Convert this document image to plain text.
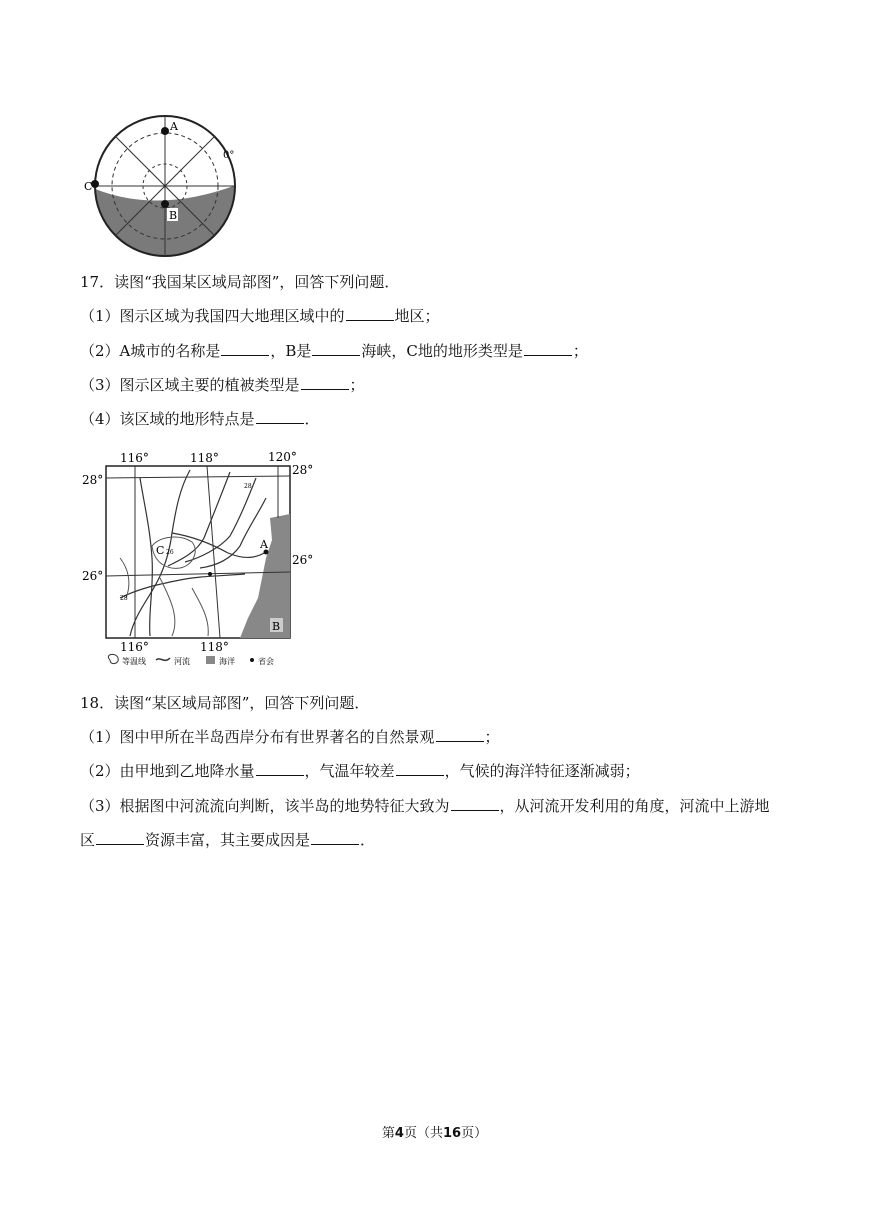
A
B
C
0°
17．读图“我国某区域局部图”，回答下列问题．
（1）图示区域为我国四大地理区域中的	地区；
（2）A城市的名称是	，B是	海峡，C地的地形类型是	；
（3）图示区域主要的植被类型是	；
（4）该区域的地形特点是	．
A
B
C 26
28
28
116°	118°	120°
28°
26°
28°
26°
116°	118°
等温线	河流	海洋	省会
18．读图“某区域局部图”，回答下列问题．
（1）图中甲所在半岛西岸分布有世界著名的自然景观	；
（2）由甲地到乙地降水量	，气温年较差	，气候的海洋特征逐渐减弱；
（3）根据图中河流流向判断，该半岛的地势特征大致为	，从河流开发利用的角度，河流中上游地
区	资源丰富，其主要成因是	．
第4页（共16页）
